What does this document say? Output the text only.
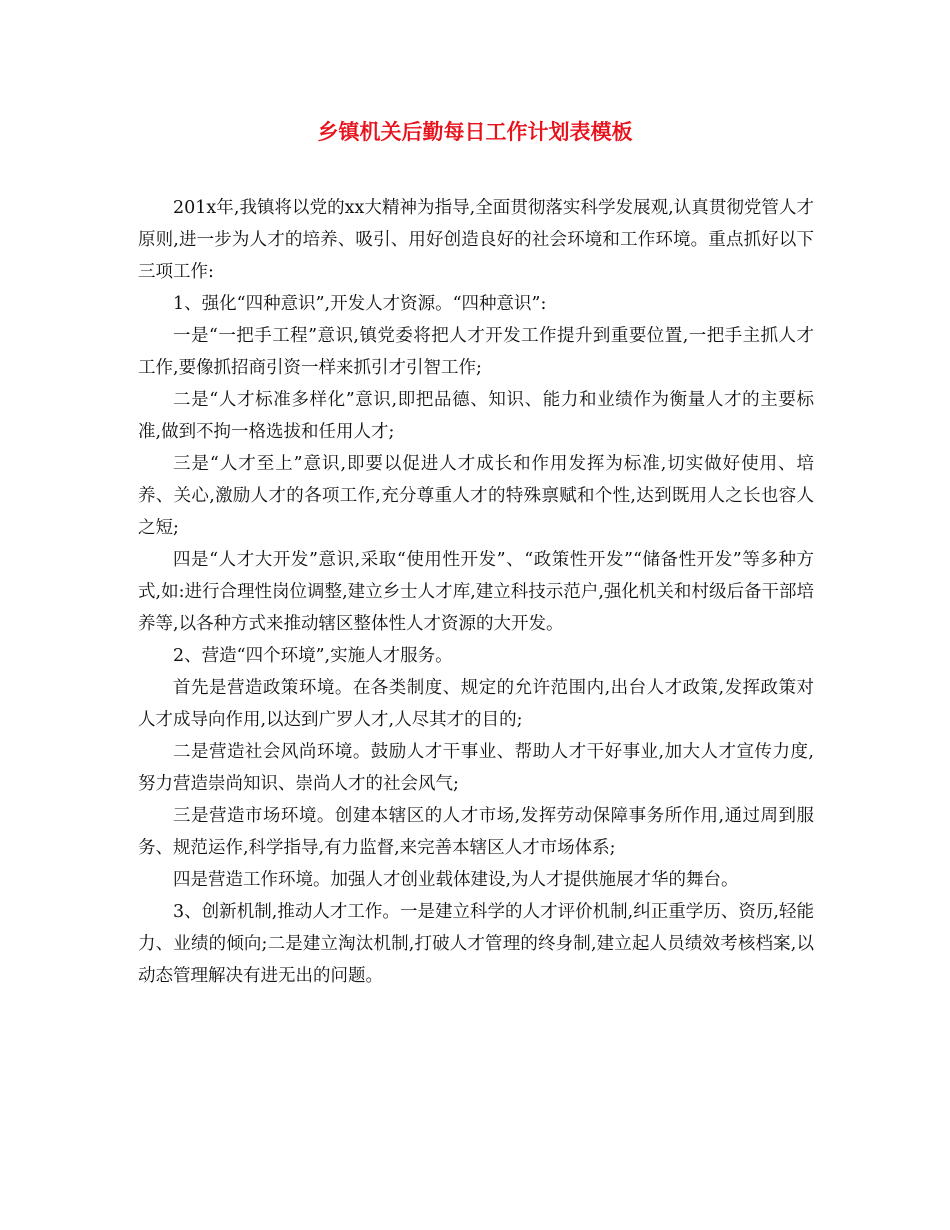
乡镇机关后勤每日工作计划表模板

201x年,我镇将以党的xx大精神为指导,全面贯彻落实科学发展观,认真贯彻党管人才原则,进一步为人才的培养、吸引、用好创造良好的社会环境和工作环境。重点抓好以下三项工作:

1、强化“四种意识”,开发人才资源。“四种意识”:

一是“一把手工程”意识,镇党委将把人才开发工作提升到重要位置,一把手主抓人才工作,要像抓招商引资一样来抓引才引智工作;

二是“人才标准多样化”意识,即把品德、知识、能力和业绩作为衡量人才的主要标准,做到不拘一格选拔和任用人才;

三是“人才至上”意识,即要以促进人才成长和作用发挥为标准,切实做好使用、培养、关心,激励人才的各项工作,充分尊重人才的特殊禀赋和个性,达到既用人之长也容人之短;

四是“人才大开发”意识,采取“使用性开发”、“政策性开发”“储备性开发”等多种方式,如:进行合理性岗位调整,建立乡士人才库,建立科技示范户,强化机关和村级后备干部培养等,以各种方式来推动辖区整体性人才资源的大开发。

2、营造“四个环境”,实施人才服务。

首先是营造政策环境。在各类制度、规定的允许范围内,出台人才政策,发挥政策对人才成导向作用,以达到广罗人才,人尽其才的目的;

二是营造社会风尚环境。鼓励人才干事业、帮助人才干好事业,加大人才宣传力度,努力营造崇尚知识、崇尚人才的社会风气;

三是营造市场环境。创建本辖区的人才市场,发挥劳动保障事务所作用,通过周到服务、规范运作,科学指导,有力监督,来完善本辖区人才市场体系;

四是营造工作环境。加强人才创业载体建设,为人才提供施展才华的舞台。

3、创新机制,推动人才工作。一是建立科学的人才评价机制,纠正重学历、资历,轻能力、业绩的倾向;二是建立淘汰机制,打破人才管理的终身制,建立起人员绩效考核档案,以动态管理解决有进无出的问题。
